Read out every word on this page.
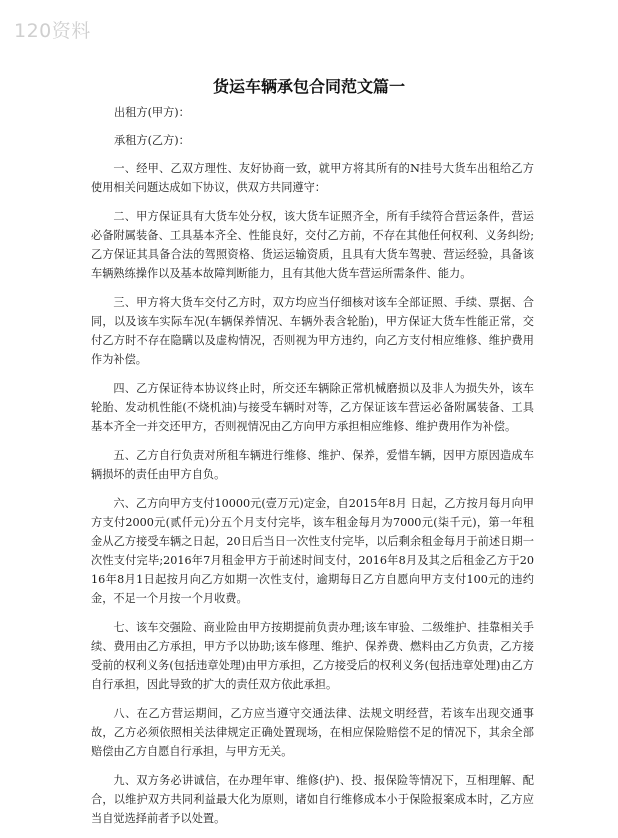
120资料
货运车辆承包合同范文篇一

出租方(甲方)：

承租方(乙方)：

一、经甲、乙双方理性、友好协商一致，就甲方将其所有的N挂号大货车出租给乙方使用相关问题达成如下协议，供双方共同遵守：

二、甲方保证具有大货车处分权，该大货车证照齐全，所有手续符合营运条件，营运必备附属装备、工具基本齐全、性能良好，交付乙方前，不存在其他任何权利、义务纠纷;乙方保证其具备合法的驾照资格、货运运输资质，且具有大货车驾驶、营运经验，具备该车辆熟练操作以及基本故障判断能力，且有其他大货车营运所需条件、能力。

三、甲方将大货车交付乙方时，双方均应当仔细核对该车全部证照、手续、票据、合同，以及该车实际车况(车辆保养情况、车辆外表含轮胎)，甲方保证大货车性能正常，交付乙方时不存在隐瞒以及虚构情况，否则视为甲方违约，向乙方支付相应维修、维护费用作为补偿。

四、乙方保证待本协议终止时，所交还车辆除正常机械磨损以及非人为损失外，该车轮胎、发动机性能(不烧机油)与接受车辆时对等，乙方保证该车营运必备附属装备、工具基本齐全一并交还甲方，否则视情况由乙方向甲方承担相应维修、维护费用作为补偿。

五、乙方自行负责对所租车辆进行维修、维护、保养，爱惜车辆，因甲方原因造成车辆损坏的责任由甲方自负。

六、乙方向甲方支付10000元(壹万元)定金，自2015年8月 日起，乙方按月每月向甲方支付2000元(贰仟元)分五个月支付完毕，该车租金每月为7000元(柒千元)，第一年租金从乙方接受车辆之日起，20日后当日一次性支付完毕，以后剩余租金每月于前述日期一次性支付完毕;2016年7月租金甲方于前述时间支付，2016年8月及其之后租金乙方于2016年8月1日起按月向乙方如期一次性支付，逾期每日乙方自愿向甲方支付100元的违约金，不足一个月按一个月收费。

七、该车交强险、商业险由甲方按期提前负责办理;该车审验、二级维护、挂靠相关手续、费用由乙方承担，甲方予以协助;该车修理、维护、保养费、燃料由乙方负责，乙方接受前的权利义务(包括违章处理)由甲方承担，乙方接受后的权利义务(包括违章处理)由乙方自行承担，因此导致的扩大的责任双方依此承担。

八、在乙方营运期间，乙方应当遵守交通法律、法规文明经营，若该车出现交通事故，乙方必须依照相关法律规定正确处置现场，在相应保险赔偿不足的情况下，其余全部赔偿由乙方自愿自行承担，与甲方无关。

九、双方务必讲诚信，在办理年审、维修(护)、投、报保险等情况下，互相理解、配合，以维护双方共同利益最大化为原则，诸如自行维修成本小于保险报案成本时，乙方应当自觉选择前者予以处置。
